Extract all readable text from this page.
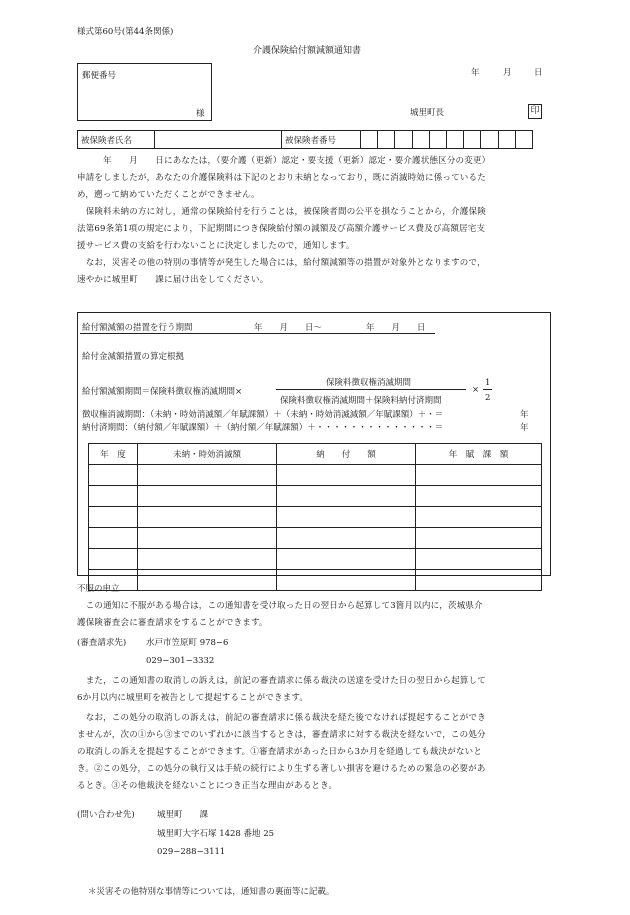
様式第60号(第44条関係)
介護保険給付額減額通知書
郵便番号
様
年	月	日
城里町長	印
被保険者氏名		被保険者番号										
　　　年　　月　　日にあなたは，（要介護（更新）認定・要支援（更新）認定・要介護状態区分の変更）
申請をしましたが，あなたの介護保険料は下記のとおり未納となっており，既に消滅時効に係っているた
め，遡って納めていただくことができません。
　保険料未納の方に対し，通常の保険給付を行うことは，被保険者間の公平を損なうことから，介護保険
法第69条第1項の規定により，下記期間につき保険給付額の減額及び高額介護サービス費及び高額居宅支
援サービス費の支給を行わないことに決定しましたので，通知します。
　なお，災害その他の特別の事情等が発生した場合には，給付額減額等の措置が対象外となりますので，
速やかに城里町　　課に届け出をしてください。
給付額減額の措置を行う期間	年　　月　　日～	年　　月　　日
給付金減額措置の算定根拠
給付額減額期間＝保険料徴収権消滅期間×
保険料徴収権消滅期間
保険料徴収権消滅期間＋保険料納付済期間
×
1
2
徴収権消滅期間：（未納・時効消滅額／年賦課額）＋（未納・時効消滅減額／年賦課額）＋・＝	年
納付済期間：（納付額／年賦課額）＋（納付額／年賦課額）＋・・・・・・・・・・・・・・＝	年
年　度	未納・時効消滅額	納　　付　　額	年　賦　課　額

不服の申立
　この通知に不服がある場合は，この通知書を受け取った日の翌日から起算して3箇月以内に，茨城県介
護保険審査会に審査請求をすることができます。
(審査請求先) 水戸市笠原町 978−6
029−301−3332
　また，この通知書の取消しの訴えは，前記の審査請求に係る裁決の送達を受けた日の翌日から起算して
6か月以内に城里町を被告として提起することができます。
　なお，この処分の取消しの訴えは，前記の審査請求に係る裁決を経た後でなければ提起することができ
ませんが，次の①から③までのいずれかに該当するときは，審査請求に対する裁決を経ないで，この処分
の取消しの訴えを提起することができます。①審査請求があった日から3か月を経過しても裁決がないと
き。②この処分，この処分の執行又は手続の続行により生ずる著しい損害を避けるための緊急の必要があ
るとき。③その他裁決を経ないことにつき正当な理由があるとき。
(問い合わせ先)	城里町　　課
城里町大字石塚 1428 番地 25
029−288−3111
＊災害その他特別な事情等については，通知書の裏面等に記載。
